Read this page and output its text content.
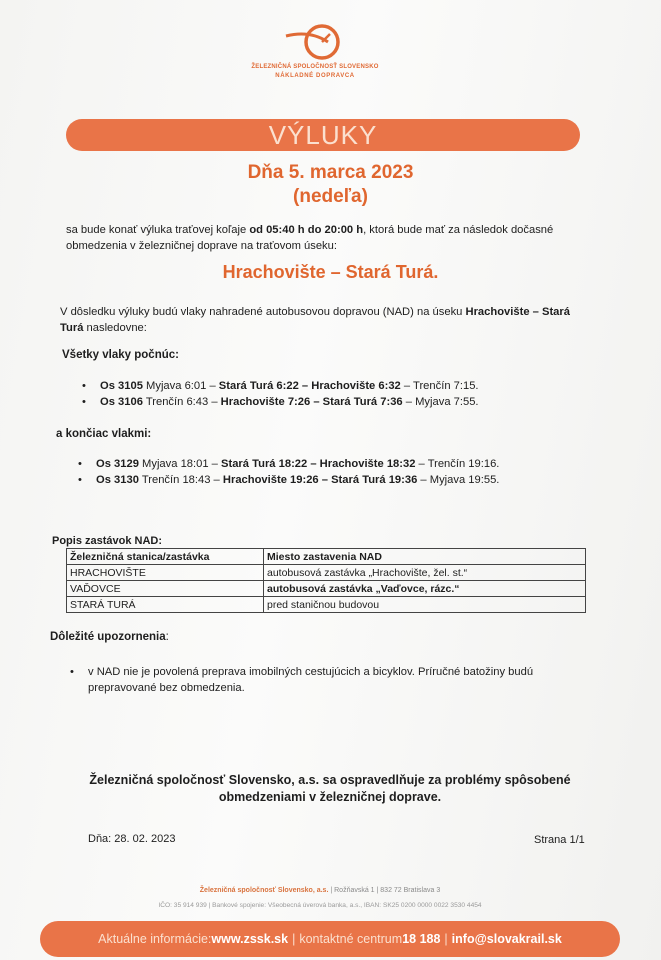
ŽELEZNIČNÁ SPOLOČNOSŤ SLOVENSKO
NÁKLADNÉ DOPRAVCA
VÝLUKY
Dňa 5. marca 2023
(nedeľa)
sa bude konať výluka traťovej koľaje od 05:40 h do 20:00 h, ktorá bude mať za následok dočasné obmedzenia v železničnej doprave na traťovom úseku:
Hrachovište – Stará Turá.
V dôsledku výluky budú vlaky nahradené autobusovou dopravou (NAD) na úseku Hrachovište – Stará Turá nasledovne:
Všetky vlaky počnúc:
• Os 3105 Myjava 6:01 – Stará Turá 6:22 – Hrachovište 6:32 – Trenčín 7:15.
• Os 3106 Trenčín 6:43 – Hrachovište 7:26 – Stará Turá 7:36 – Myjava 7:55.
a končiac vlakmi:
• Os 3129 Myjava 18:01 – Stará Turá 18:22 – Hrachovište 18:32 – Trenčín 19:16.
• Os 3130 Trenčín 18:43 – Hrachovište 19:26 – Stará Turá 19:36 – Myjava 19:55.
Popis zastávok NAD:
Železničná stanica/zastávka	Miesto zastavenia NAD
HRACHOVIŠTE	autobusová zastávka „Hrachovište, žel. st.“
VAĎOVCE	autobusová zastávka „Vaďovce, rázc.“
STARÁ TURÁ	pred staničnou budovou
Dôležité upozornenia:
• v NAD nie je povolená preprava imobilných cestujúcich a bicyklov. Príručné batožiny budú prepravované bez obmedzenia.
Železničná spoločnosť Slovensko, a.s. sa ospravedlňuje za problémy spôsobené
obmedzeniami v železničnej doprave.
Dňa: 28. 02. 2023	Strana 1/1
Železničná spoločnosť Slovensko, a.s. | Rožňavská 1 | 832 72 Bratislava 3
IČO: 35 914 939 | Bankové spojenie: Všeobecná úverová banka, a.s., IBAN: SK25 0200 0000 0022 3530 4454
Aktuálne informácie: www.zssk.sk | kontaktné centrum 18 188 | info@slovakrail.sk
